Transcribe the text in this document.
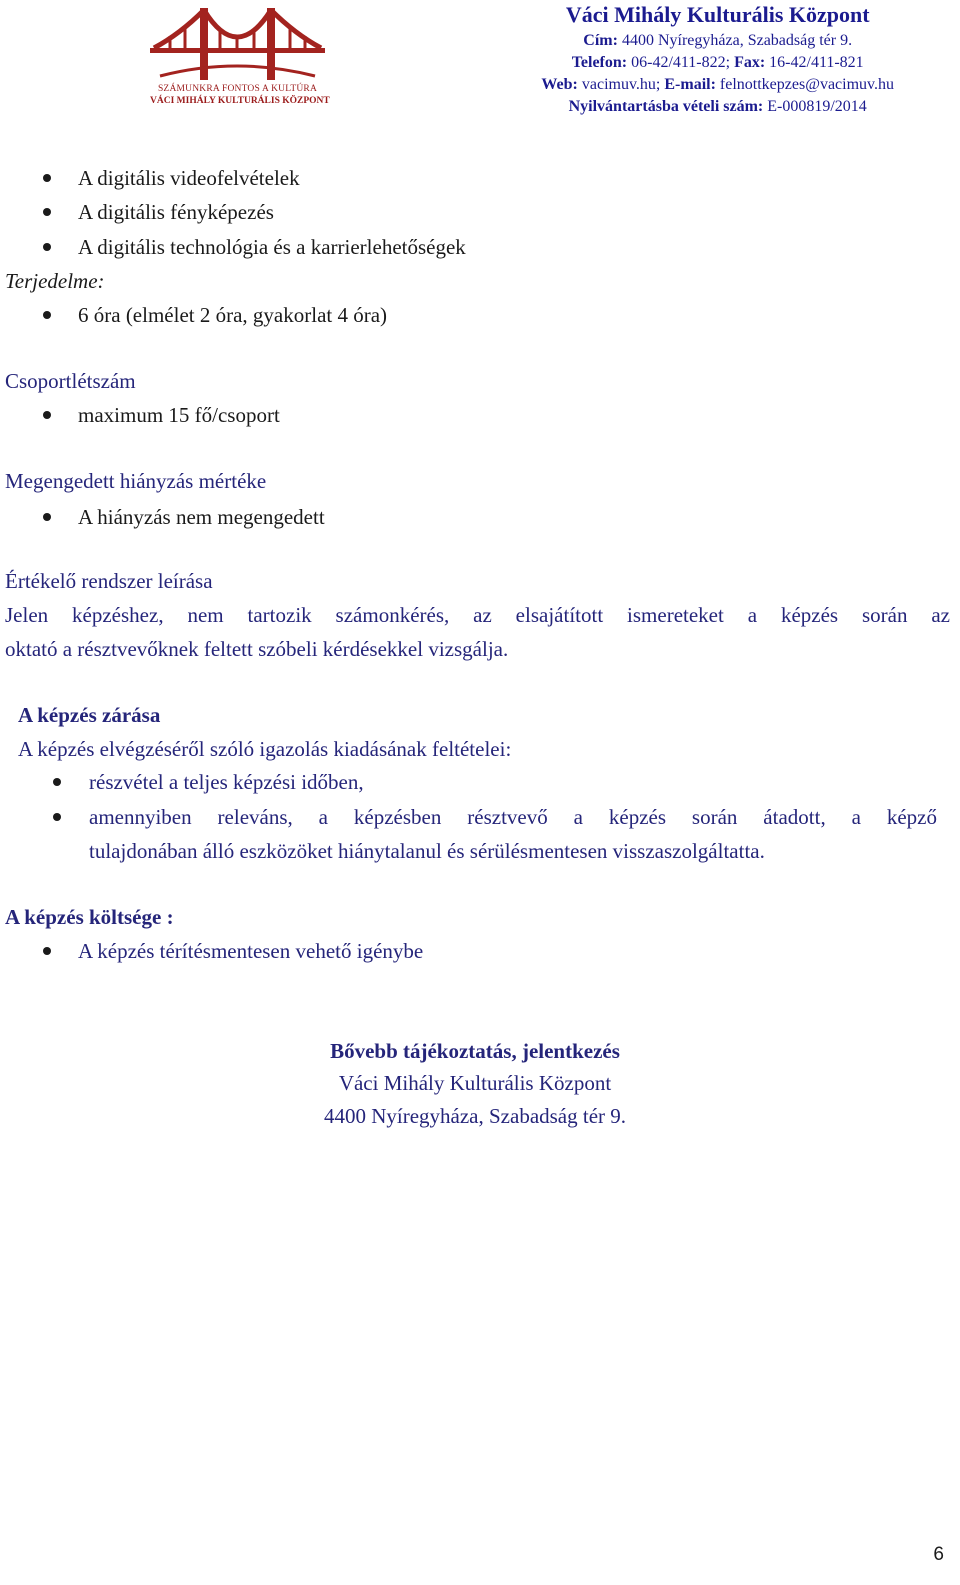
SZÁMUNKRA FONTOS A KULTÚRA
VÁCI MIHÁLY KULTURÁLIS KÖZPONT
Váci Mihály Kulturális Központ
Cím: 4400 Nyíregyháza, Szabadság tér 9.
Telefon: 06-42/411-822; Fax: 16-42/411-821
Web: vacimuv.hu; E-mail: felnottkepzes@vacimuv.hu
Nyilvántartásba vételi szám: E-000819/2014
A digitális videofelvételek
A digitális fényképezés
A digitális technológia és a karrierlehetőségek
Terjedelme:
6 óra (elmélet 2 óra, gyakorlat 4 óra)
Csoportlétszám
maximum 15 fő/csoport
Megengedett hiányzás mértéke
A hiányzás nem megengedett
Értékelő rendszer leírása
Jelen képzéshez, nem tartozik számonkérés, az elsajátított ismereteket a képzés során az
oktató a résztvevőknek feltett szóbeli kérdésekkel vizsgálja.
A képzés zárása
A képzés elvégzéséről szóló igazolás kiadásának feltételei:
részvétel a teljes képzési időben,
amennyiben releváns, a képzésben résztvevő a képzés során átadott, a képző
tulajdonában álló eszközöket hiánytalanul és sérülésmentesen visszaszolgáltatta.
A képzés költsége :
A képzés térítésmentesen vehető igénybe
Bővebb tájékoztatás, jelentkezés
Váci Mihály Kulturális Központ
4400 Nyíregyháza, Szabadság tér 9.
6
